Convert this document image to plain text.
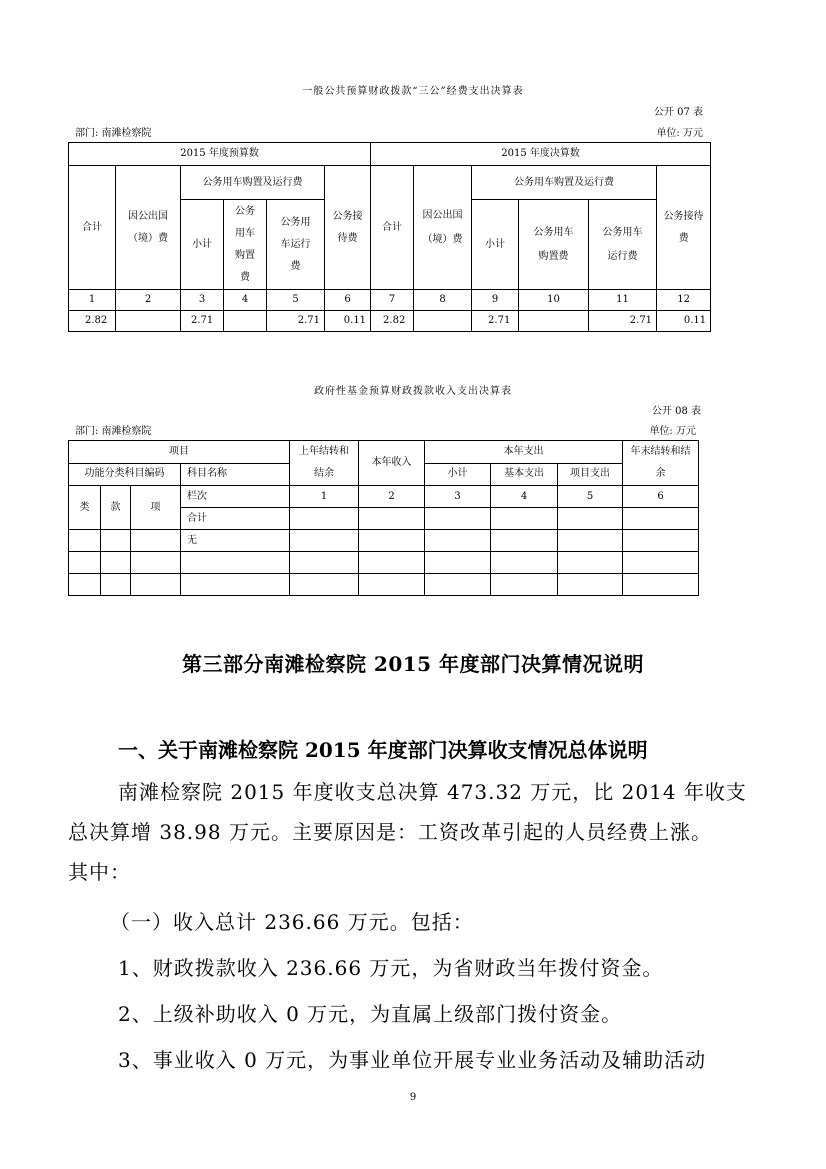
一般公共预算财政拨款“三公”经费支出决算表
公开 07 表
部门: 南滩检察院	单位: 万元
2015 年度预算数						2015 年度决算数					
合计	因公出国（境）费	公务用车购置及运行费			公务接待费	合计	因公出国（境）费	公务用车购置及运行费			公务接待费
		小计	公务用车购置费	公务用车运行费				小计	公务用车购置费	公务用车运行费	
1	2	3	4	5	6	7	8	9	10	11	12
2.82		2.71		2.71	0.11	2.82		2.71		2.71	0.11
政府性基金预算财政拨款收入支出决算表
公开 08 表
部门: 南滩检察院	单位: 万元
项目				上年结转和结余	本年收入	本年支出			年末结转和结余
功能分类科目编码			科目名称			小计	基本支出	项目支出	
类	款	项	栏次	1	2	3	4	5	6
			合计						
			无						

第三部分南滩检察院 2015 年度部门决算情况说明
一、关于南滩检察院 2015 年度部门决算收支情况总体说明
南滩检察院 2015 年度收支总决算 473.32 万元，比 2014 年收支
总决算增 38.98 万元。主要原因是：工资改革引起的人员经费上涨。
其中：
（一）收入总计 236.66 万元。包括：
1、财政拨款收入 236.66 万元，为省财政当年拨付资金。
2、上级补助收入 0 万元，为直属上级部门拨付资金。
3、事业收入 0 万元，为事业单位开展专业业务活动及辅助活动
9
